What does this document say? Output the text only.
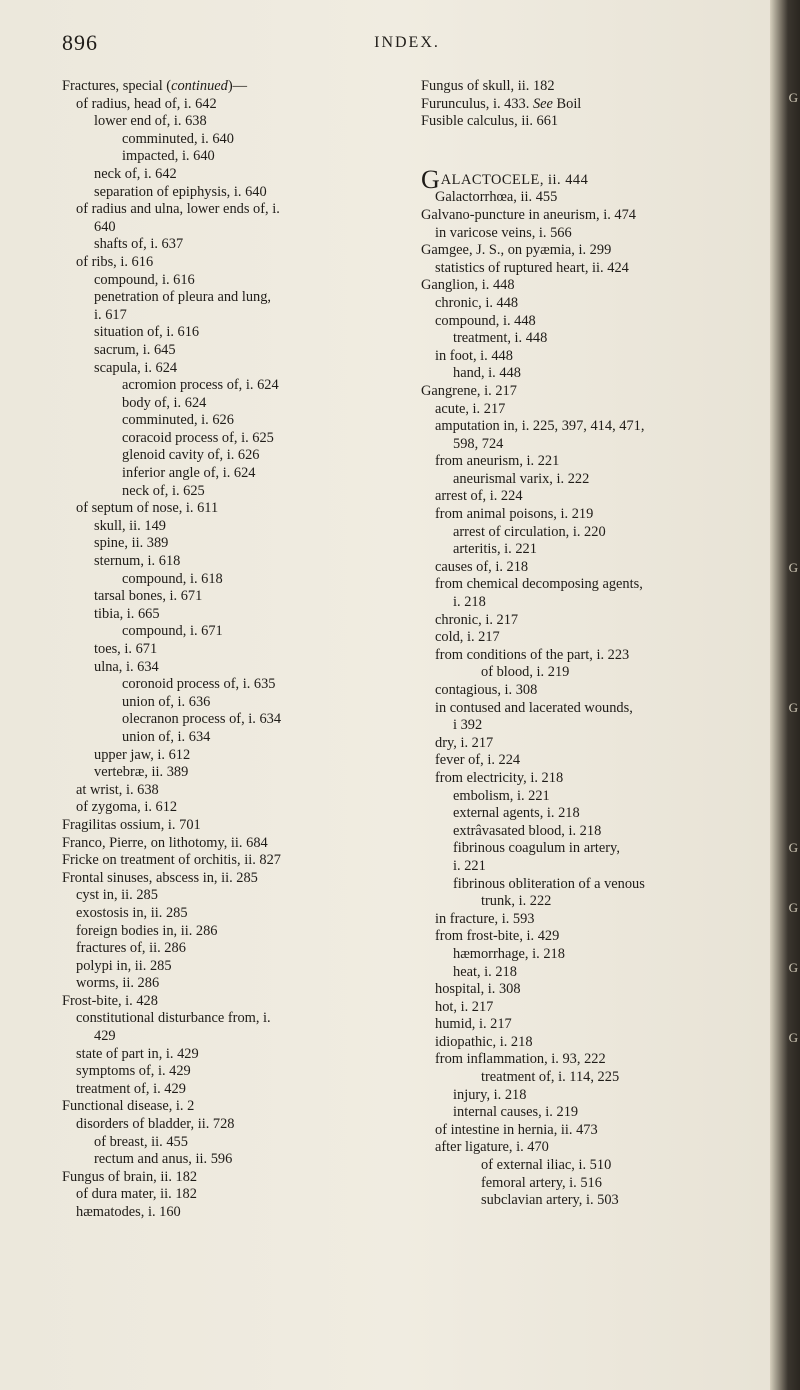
896	INDEX.
Fractures, special (continued)—
of radius, head of, i. 642
lower end of, i. 638
comminuted, i. 640
impacted, i. 640
neck of, i. 642
separation of epiphysis, i. 640
of radius and ulna, lower ends of, i.
640
shafts of, i. 637
of ribs, i. 616
compound, i. 616
penetration of pleura and lung,
i. 617
situation of, i. 616
sacrum, i. 645
scapula, i. 624
acromion process of, i. 624
body of, i. 624
comminuted, i. 626
coracoid process of, i. 625
glenoid cavity of, i. 626
inferior angle of, i. 624
neck of, i. 625
of septum of nose, i. 611
skull, ii. 149
spine, ii. 389
sternum, i. 618
compound, i. 618
tarsal bones, i. 671
tibia, i. 665
compound, i. 671
toes, i. 671
ulna, i. 634
coronoid process of, i. 635
union of, i. 636
olecranon process of, i. 634
union of, i. 634
upper jaw, i. 612
vertebræ, ii. 389
at wrist, i. 638
of zygoma, i. 612
Fragilitas ossium, i. 701
Franco, Pierre, on lithotomy, ii. 684
Fricke on treatment of orchitis, ii. 827
Frontal sinuses, abscess in, ii. 285
cyst in, ii. 285
exostosis in, ii. 285
foreign bodies in, ii. 286
fractures of, ii. 286
polypi in, ii. 285
worms, ii. 286
Frost-bite, i. 428
constitutional disturbance from, i.
429
state of part in, i. 429
symptoms of, i. 429
treatment of, i. 429
Functional disease, i. 2
disorders of bladder, ii. 728
of breast, ii. 455
rectum and anus, ii. 596
Fungus of brain, ii. 182
of dura mater, ii. 182
hæmatodes, i. 160
Fungus of skull, ii. 182
Furunculus, i. 433. See Boil
Fusible calculus, ii. 661
GALACTOCELE, ii. 444
Galactorrhœa, ii. 455
Galvano-puncture in aneurism, i. 474
in varicose veins, i. 566
Gamgee, J. S., on pyæmia, i. 299
statistics of ruptured heart, ii. 424
Ganglion, i. 448
chronic, i. 448
compound, i. 448
treatment, i. 448
in foot, i. 448
hand, i. 448
Gangrene, i. 217
acute, i. 217
amputation in, i. 225, 397, 414, 471,
598, 724
from aneurism, i. 221
aneurismal varix, i. 222
arrest of, i. 224
from animal poisons, i. 219
arrest of circulation, i. 220
arteritis, i. 221
causes of, i. 218
from chemical decomposing agents,
i. 218
chronic, i. 217
cold, i. 217
from conditions of the part, i. 223
of blood, i. 219
contagious, i. 308
in contused and lacerated wounds,
i 392
dry, i. 217
fever of, i. 224
from electricity, i. 218
embolism, i. 221
external agents, i. 218
extrâvasated blood, i. 218
fibrinous coagulum in artery,
i. 221
fibrinous obliteration of a venous
trunk, i. 222
in fracture, i. 593
from frost-bite, i. 429
hæmorrhage, i. 218
heat, i. 218
hospital, i. 308
hot, i. 217
humid, i. 217
idiopathic, i. 218
from inflammation, i. 93, 222
treatment of, i. 114, 225
injury, i. 218
internal causes, i. 219
of intestine in hernia, ii. 473
after ligature, i. 470
of external iliac, i. 510
femoral artery, i. 516
subclavian artery, i. 503
G
G
G
G
G
G
G
